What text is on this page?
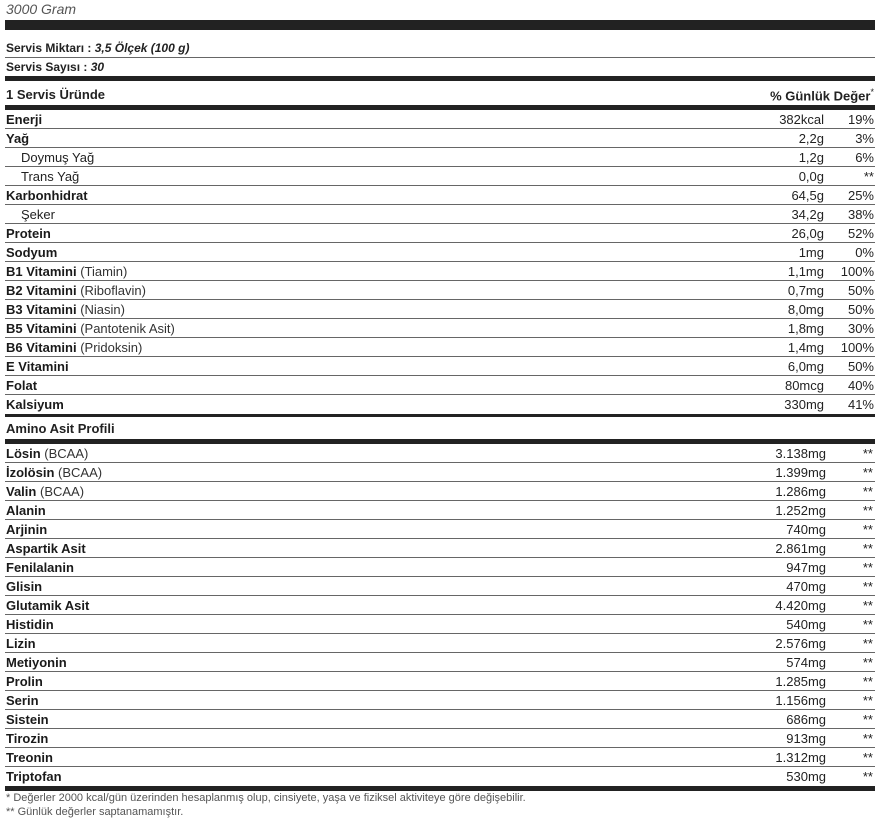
3000 Gram
Servis Miktarı : 3,5 Ölçek (100 g)
Servis Sayısı : 30
1 Servis Üründe	% Günlük Değer*
Enerji	382kcal 19%
Yağ	2,2g 3%
Doymuş Yağ	1,2g 6%
Trans Yağ	0,0g	**
Karbonhidrat	64,5g 25%
Şeker	34,2g 38%
Protein	26,0g 52%
Sodyum	1mg 0%
B1 Vitamini (Tiamin)	1,1mg 100%
B2 Vitamini (Riboflavin)	0,7mg 50%
B3 Vitamini (Niasin)	8,0mg 50%
B5 Vitamini (Pantotenik Asit)	1,8mg 30%
B6 Vitamini (Pridoksin)	1,4mg 100%
E Vitamini	6,0mg 50%
Folat	80mcg 40%
Kalsiyum	330mg 41%
Amino Asit Profili
Lösin (BCAA)	3.138mg	**
İzolösin (BCAA)	1.399mg	**
Valin (BCAA)	1.286mg	**
Alanin	1.252mg	**
Arjinin	740mg	**
Aspartik Asit	2.861mg	**
Fenilalanin	947mg	**
Glisin	470mg	**
Glutamik Asit	4.420mg	**
Histidin	540mg	**
Lizin	2.576mg	**
Metiyonin	574mg	**
Prolin	1.285mg	**
Serin	1.156mg	**
Sistein	686mg	**
Tirozin	913mg	**
Treonin	1.312mg	**
Triptofan	530mg	**
* Değerler 2000 kcal/gün üzerinden hesaplanmış olup, cinsiyete, yaşa ve fiziksel aktiviteye göre değişebilir.
** Günlük değerler saptanamamıştır.
